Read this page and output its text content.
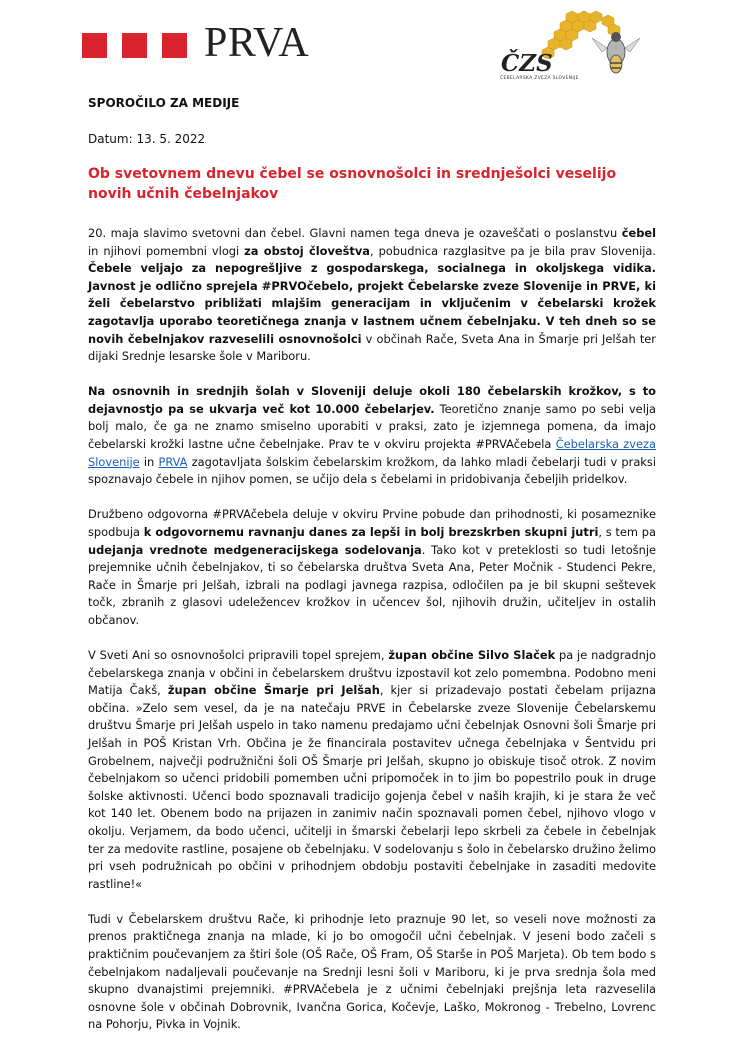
PRVA	ČZS
ČEBELARSKA ZVEZA SLOVENIJE
SPOROČILO ZA MEDIJE
Datum: 13. 5. 2022
Ob svetovnem dnevu čebel se osnovnošolci in srednješolci veselijo novih učnih čebelnjakov

20. maja slavimo svetovni dan čebel. Glavni namen tega dneva je ozaveščati o poslanstvu čebel in njihovi pomembni vlogi za obstoj človeštva, pobudnica razglasitve pa je bila prav Slovenija. Čebele veljajo za nepogrešljive z gospodarskega, socialnega in okoljskega vidika. Javnost je odlično sprejela #PRVOčebelo, projekt Čebelarske zveze Slovenije in PRVE, ki želi čebelarstvo približati mlajšim generacijam in vključenim v čebelarski krožek zagotavlja uporabo teoretičnega znanja v lastnem učnem čebelnjaku. V teh dneh so se novih čebelnjakov razveselili osnovnošolci v občinah Rače, Sveta Ana in Šmarje pri Jelšah ter dijaki Srednje lesarske šole v Mariboru.

Na osnovnih in srednjih šolah v Sloveniji deluje okoli 180 čebelarskih krožkov, s to dejavnostjo pa se ukvarja več kot 10.000 čebelarjev. Teoretično znanje samo po sebi velja bolj malo, če ga ne znamo smiselno uporabiti v praksi, zato je izjemnega pomena, da imajo čebelarski krožki lastne učne čebelnjake. Prav te v okviru projekta #PRVAčebela Čebelarska zveza Slovenije in PRVA zagotavljata šolskim čebelarskim krožkom, da lahko mladi čebelarji tudi v praksi spoznavajo čebele in njihov pomen, se učijo dela s čebelami in pridobivanja čebeljih pridelkov.

Družbeno odgovorna #PRVAčebela deluje v okviru Prvine pobude dan prihodnosti, ki posameznike spodbuja k odgovornemu ravnanju danes za lepši in bolj brezskrben skupni jutri, s tem pa udejanja vrednote medgeneracijskega sodelovanja. Tako kot v preteklosti so tudi letošnje prejemnike učnih čebelnjakov, ti so čebelarska društva Sveta Ana, Peter Močnik - Studenci Pekre, Rače in Šmarje pri Jelšah, izbrali na podlagi javnega razpisa, odločilen pa je bil skupni seštevek točk, zbranih z glasovi udeležencev krožkov in učencev šol, njihovih družin, učiteljev in ostalih občanov.

V Sveti Ani so osnovnošolci pripravili topel sprejem, župan občine Silvo Slaček pa je nadgradnjo čebelarskega znanja v občini in čebelarskem društvu izpostavil kot zelo pomembna. Podobno meni Matija Čakš, župan občine Šmarje pri Jelšah, kjer si prizadevajo postati čebelam prijazna občina. »Zelo sem vesel, da je na natečaju PRVE in Čebelarske zveze Slovenije Čebelarskemu društvu Šmarje pri Jelšah uspelo in tako namenu predajamo učni čebelnjak Osnovni šoli Šmarje pri Jelšah in POŠ Kristan Vrh. Občina je že financirala postavitev učnega čebelnjaka v Šentvidu pri Grobelnem, največji podružnični šoli OŠ Šmarje pri Jelšah, skupno jo obiskuje tisoč otrok. Z novim čebelnjakom so učenci pridobili pomemben učni pripomoček in to jim bo popestrilo pouk in druge šolske aktivnosti. Učenci bodo spoznavali tradicijo gojenja čebel v naših krajih, ki je stara že več kot 140 let. Obenem bodo na prijazen in zanimiv način spoznavali pomen čebel, njihovo vlogo v okolju. Verjamem, da bodo učenci, učitelji in šmarski čebelarji lepo skrbeli za čebele in čebelnjak ter za medovite rastline, posajene ob čebelnjaku. V sodelovanju s šolo in čebelarsko družino želimo pri vseh podružnicah po občini v prihodnjem obdobju postaviti čebelnjake in zasaditi medovite rastline!«

Tudi v Čebelarskem društvu Rače, ki prihodnje leto praznuje 90 let, so veseli nove možnosti za prenos praktičnega znanja na mlade, ki jo bo omogočil učni čebelnjak. V jeseni bodo začeli s praktičnim poučevanjem za štiri šole (OŠ Rače, OŠ Fram, OŠ Starše in POŠ Marjeta). Ob tem bodo s čebelnjakom nadaljevali poučevanje na Srednji lesni šoli v Mariboru, ki je prva srednja šola med skupno dvanajstimi prejemniki. #PRVAčebela je z učnimi čebelnjaki prejšnja leta razveselila osnovne šole v občinah Dobrovnik, Ivančna Gorica, Kočevje, Laško, Mokronog - Trebelno, Lovrenc na Pohorju, Pivka in Vojnik.
